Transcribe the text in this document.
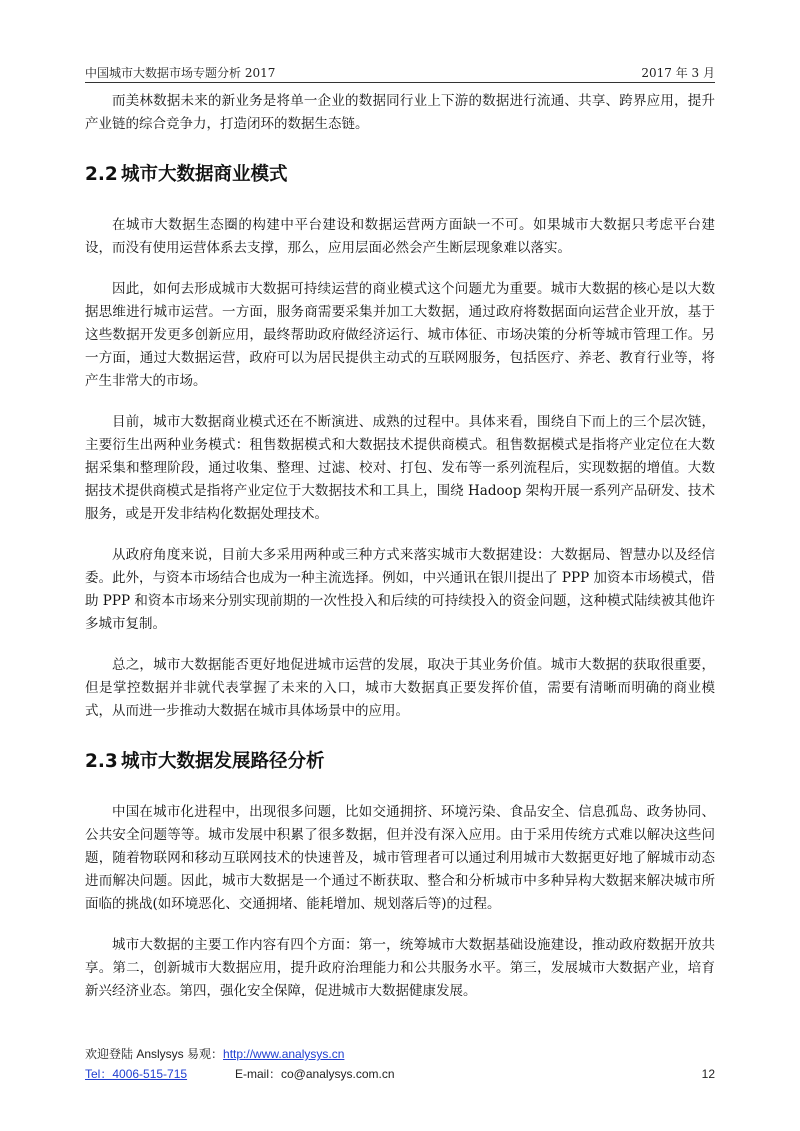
中国城市大数据市场专题分析 2017	2017 年 3 月

而美林数据未来的新业务是将单一企业的数据同行业上下游的数据进行流通、共享、跨界应用，提升产业链的综合竞争力，打造闭环的数据生态链。

2.2 城市大数据商业模式

在城市大数据生态圈的构建中平台建设和数据运营两方面缺一不可。如果城市大数据只考虑平台建设，而没有使用运营体系去支撑，那么，应用层面必然会产生断层现象难以落实。

因此，如何去形成城市大数据可持续运营的商业模式这个问题尤为重要。城市大数据的核心是以大数据思维进行城市运营。一方面，服务商需要采集并加工大数据，通过政府将数据面向运营企业开放，基于这些数据开发更多创新应用，最终帮助政府做经济运行、城市体征、市场决策的分析等城市管理工作。另一方面，通过大数据运营，政府可以为居民提供主动式的互联网服务，包括医疗、养老、教育行业等，将产生非常大的市场。

目前，城市大数据商业模式还在不断演进、成熟的过程中。具体来看，围绕自下而上的三个层次链，主要衍生出两种业务模式：租售数据模式和大数据技术提供商模式。租售数据模式是指将产业定位在大数据采集和整理阶段，通过收集、整理、过滤、校对、打包、发布等一系列流程后，实现数据的增值。大数据技术提供商模式是指将产业定位于大数据技术和工具上，围绕 Hadoop 架构开展一系列产品研发、技术服务，或是开发非结构化数据处理技术。

从政府角度来说，目前大多采用两种或三种方式来落实城市大数据建设：大数据局、智慧办以及经信委。此外，与资本市场结合也成为一种主流选择。例如，中兴通讯在银川提出了 PPP 加资本市场模式，借助 PPP 和资本市场来分别实现前期的一次性投入和后续的可持续投入的资金问题，这种模式陆续被其他许多城市复制。

总之，城市大数据能否更好地促进城市运营的发展，取决于其业务价值。城市大数据的获取很重要，但是掌控数据并非就代表掌握了未来的入口，城市大数据真正要发挥价值，需要有清晰而明确的商业模式，从而进一步推动大数据在城市具体场景中的应用。

2.3 城市大数据发展路径分析

中国在城市化进程中，出现很多问题，比如交通拥挤、环境污染、食品安全、信息孤岛、政务协同、公共安全问题等等。城市发展中积累了很多数据，但并没有深入应用。由于采用传统方式难以解决这些问题，随着物联网和移动互联网技术的快速普及，城市管理者可以通过利用城市大数据更好地了解城市动态进而解决问题。因此，城市大数据是一个通过不断获取、整合和分析城市中多种异构大数据来解决城市所面临的挑战(如环境恶化、交通拥堵、能耗增加、规划落后等)的过程。

城市大数据的主要工作内容有四个方面：第一，统筹城市大数据基础设施建设，推动政府数据开放共享。第二，创新城市大数据应用，提升政府治理能力和公共服务水平。第三，发展城市大数据产业，培育新兴经济业态。第四，强化安全保障，促进城市大数据健康发展。

欢迎登陆 Anslysys 易观：http://www.analysys.cn
Tel：4006-515-715	E-mail：co@analysys.com.cn	12
